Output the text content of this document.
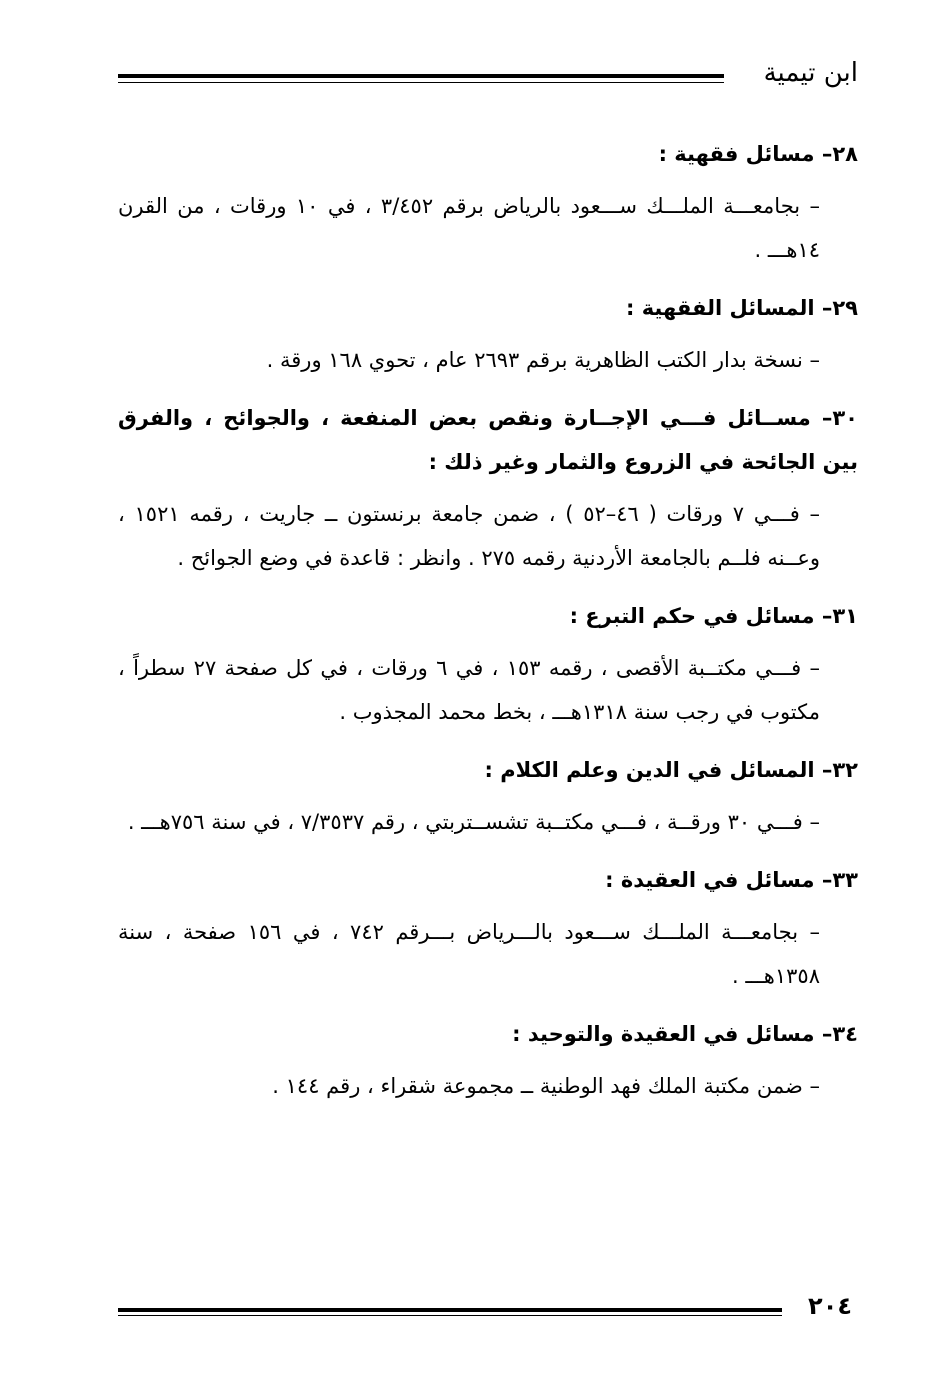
ابن تيمية

٢٨– مسائل فقهية :

– بجامعـــة الملـــك ســـعود بالرياض برقم ٣/٤٥٢ ، في ١٠ ورقات ، من القرن ١٤هـــ .

٢٩– المسائل الفقهية :

– نسخة بدار الكتب الظاهرية برقم ٢٦٩٣ عام ، تحوي ١٦٨ ورقة .

٣٠– مســائل فـــي الإجــارة ونقص بعض المنفعة ، والجوائح ، والفرق بين الجائحة في الزروع والثمار وغير ذلك :

– فـــي ٧ ورقات ( ٤٦–٥٢ ) ، ضمن جامعة برنستون ــ جاريت ، رقمه ١٥٢١ ، وعــنه فلــم بالجامعة الأردنية رقمه ٢٧٥ . وانظر : قاعدة في وضع الجوائح .

٣١– مسائل في حكم التبرع :

– فـــي مكتــبة الأقصى ، رقمه ١٥٣ ، في ٦ ورقات ، في كل صفحة ٢٧ سطراً ، مكتوب في رجب سنة ١٣١٨هـــ ، بخط محمد المجذوب .

٣٢– المسائل في الدين وعلم الكلام :

– فـــي ٣٠ ورقــة ، فـــي مكتــبة تشســتربتي ، رقم ٧/٣٥٣٧ ، في سنة ٧٥٦هـــ .

٣٣– مسائل في العقيدة :

– بجامعـــة الملـــك ســـعود بالـــرياض بـــرقم ٧٤٢ ، في ١٥٦ صفحة ، سنة ١٣٥٨هـــ .

٣٤– مسائل في العقيدة والتوحيد :

– ضمن مكتبة الملك فهد الوطنية ــ مجموعة شقراء ، رقم ١٤٤ .

٢٠٤
